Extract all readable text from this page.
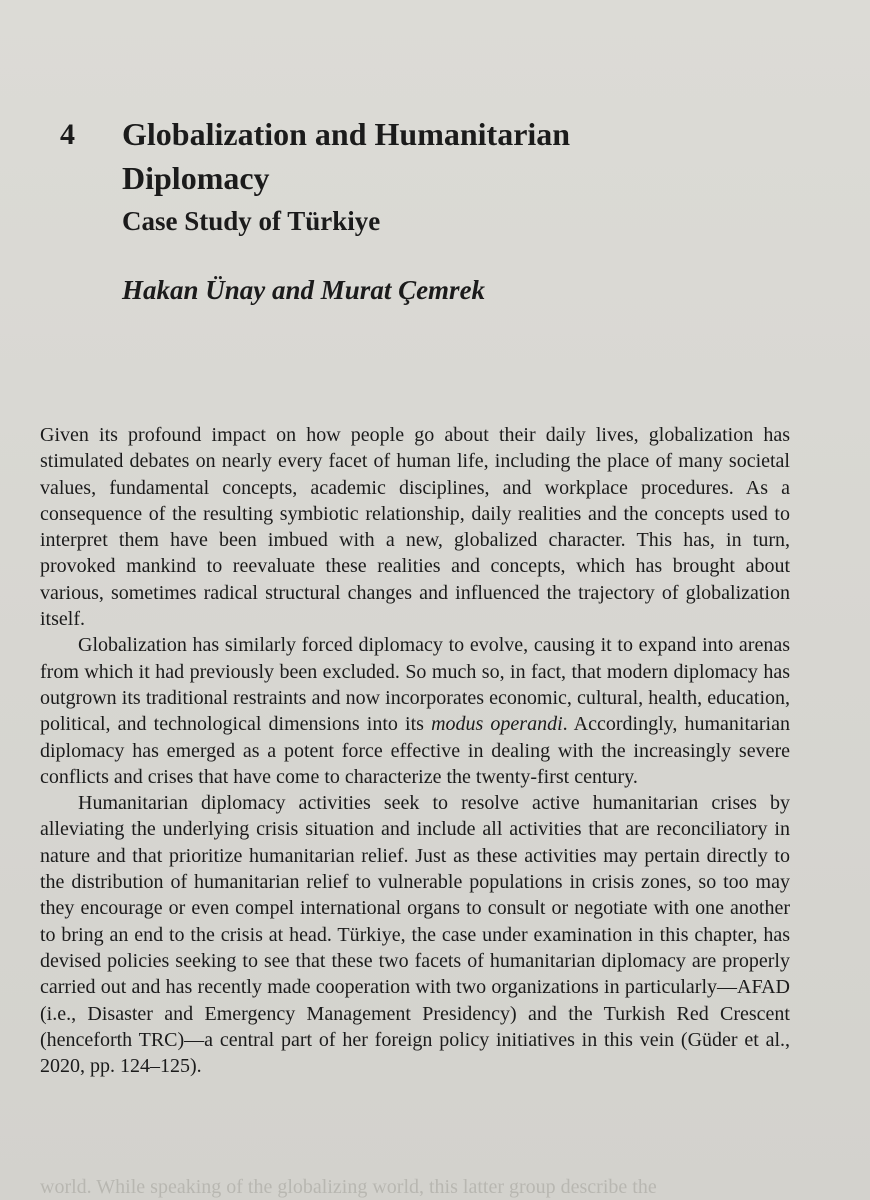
4 Globalization and Humanitarian Diplomacy
Case Study of Türkiye
Hakan Ünay and Murat Çemrek

Given its profound impact on how people go about their daily lives, globalization has stimulated debates on nearly every facet of human life, including the place of many societal values, fundamental concepts, academic disciplines, and workplace procedures. As a consequence of the resulting symbiotic relationship, daily realities and the concepts used to interpret them have been imbued with a new, globalized character. This has, in turn, provoked mankind to reevaluate these realities and concepts, which has brought about various, sometimes radical structural changes and influenced the trajectory of globalization itself.

Globalization has similarly forced diplomacy to evolve, causing it to expand into arenas from which it had previously been excluded. So much so, in fact, that modern diplomacy has outgrown its traditional restraints and now incorporates economic, cultural, health, education, political, and technological dimensions into its modus operandi. Accordingly, humanitarian diplomacy has emerged as a potent force effective in dealing with the increasingly severe conflicts and crises that have come to characterize the twenty-first century.

Humanitarian diplomacy activities seek to resolve active humanitarian crises by alleviating the underlying crisis situation and include all activities that are reconciliatory in nature and that prioritize humanitarian relief. Just as these activities may pertain directly to the distribution of humanitarian relief to vulnerable populations in crisis zones, so too may they encourage or even compel international organs to consult or negotiate with one another to bring an end to the crisis at head. Türkiye, the case under examination in this chapter, has devised policies seeking to see that these two facets of humanitarian diplomacy are properly carried out and has recently made cooperation with two organizations in particularly—AFAD (i.e., Disaster and Emergency Management Presidency) and the Turkish Red Crescent (henceforth TRC)—a central part of her foreign policy initiatives in this vein (Güder et al., 2020, pp. 124–125).

world. While speaking of the globalizing world, this latter group describe the
